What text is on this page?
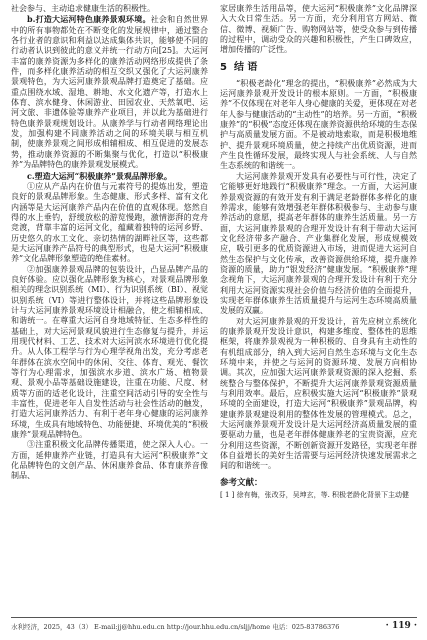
社会参与、主动追求健康生活的积极性。

b.打造大运河特色康养景观环境。社会和自然世界中的所有事物都处在不断变化的发展规律中，通过整合各行业者的意识和利益以达成集体共识，能够使不同的行动者认识到彼此的意义并统一行动方向[25]。大运河丰富的康养资源为多样化的康养活动网络形成提供了条件，而多样化康养活动的相互交织又强化了大运河康养景观特色，为大运河康养景观品牌打造奠定了基础。应重点围绕水域、湿地、耕地、水文化遗产等，打造水上体育、滨水健身、休闲游业、田园农业、天然氧吧、运河文旅、非遗体验等康养产业项目，并以此为基础进行特色康养景观规划设计。从康养学与行动者网络理论出发，加强构建不同康养活动之间的环境关联与相互机制，使康养景观之间形成相辅相成、相互促进的发展态势，推动康养资源的不断集聚与优化，打造以“积极康养”为品牌特色的康养景观发展模式。

c.塑造大运河“积极康养”景观品牌形象。

①应从产品内在价值与元素符号的提炼出发，塑造良好的景观品牌形象。生态健康、形式多样、富有文化内涵等是大运河康养产品内在价值的直观体现。悠然自得的水上垂钓，舒缓放松的游览慢跑，激情澎湃的竞舟竞渡，背靠丰富的运河文化，蕴藏着独特的运河乡野、历史悠久的水工文化、亲切热情的湖畔社区等，这些都是大运河康养产品符号的典型形式，也是大运河“积极康养”文化品牌形象塑造的绝佳素材。

②加强康养景观品牌的包装设计，凸显品牌产品的良好体验。应以强化品牌形象为核心，对景观品牌形象相关的理念识别系统（MI）、行为识别系统（BI）、视觉识别系统（VI）等进行整体设计，并将这些品牌形象设计与大运河康养景观环境设计相融合，使之相辅相成、和谐统一。在尊重大运河自身地域特征、生态多样性的基础上，对大运河景观风貌进行生态修复与提升，并运用现代材料、工艺、技术对大运河滨水环境进行优化提升。从人体工程学与行为心理学视角出发，充分考虑老年群体在滨水空间中的休闲、交往、体育、观光、餐饮等行为心理需求，加强滨水步道、滨水广场、植物景观、景观小品等基础设施建设，注重在功能、尺度、材质等方面的适老化设计，注重空间活动引导的安全性与丰富性，促进老年人自发性活动与社会性活动的触发，打造大运河康养活力、有利于老年身心健康的运河康养环境，生成具有地域特色、功能便捷、环境优美的“积极康养”景观品牌特色。

③注重积极文化品牌传播渠道，使之深入人心。一方面，延伸康养产业链，打造具有大运河“积极康养”文化品牌特色的文创产品、休闲康养食品、体育康养音像制品、

家居康养生活用品等，使大运河“积极康养”文化品牌深入大众日常生活。另一方面，充分利用官方网站、微信、微博、视频广告、购物网站等，使受众参与到传播的过程中，调动受众的兴趣和积极性，产生口碑效应，增加传播的广泛性。

5 结 语

“积极老龄化”理念的提出，“积极康养”必然成为大运河康养景观开发设计的根本原则。一方面，“积极康养”不仅体现在对老年人身心健康的关爱，更体现在对老年人参与健康活动的“主动性”的培养。另一方面，“积极康养”的“积极”态度还体现在康养资源供给环境的生态保护与高质量发展方面。不是被动地索取，而是积极地维护、提升景观环境质量，使之持续产出优质资源，进而产生良性循环发展，最终实现人与社会系统、人与自然生态系统的和谐统一。

大运河康养景观开发具有必要性与可行性，决定了它能够更好地践行“积极康养”理念。一方面，大运河康养景观资源的有效开发有利于满足老龄群体多样化的康养需求，能够有效增强老年群体积极参与、主动参与康养活动的意愿，提高老年群体的康养生活质量。另一方面，大运河康养景观的合理开发设计有利于带动大运河文化经济带多产融合、产业集群化发展，形成规模效应，吸引更多的优质资源进入市场，进而促进大运河自然生态保护与文化传承，改善资源供给环境，提升康养资源的质量，助力“银发经济”健康发展。“积极康养”理念视角下，大运河康养景观的合理开发设计有利于充分利用大运河资源实现社会价值与经济价值的全面提升，实现老年群体康养生活质量提升与运河生态环境高质量发展的双赢。

对大运河康养景观的开发设计，首先应树立系统化的康养景观开发设计意识，构建多维度、整体性的思维框架，将康养景观视为一种积极的、自身具有主动性的有机组成部分，纳入到大运河自然生态环境与文化生态环境中来，并使之与运河的资源环境、发展方向相协调。其次，应加强大运河康养景观资源的深入挖掘、系统整合与整体保护，不断提升大运河康养景观资源质量与利用效率。最后，应积极实施大运河“积极康养”景观环境的全面建设，打造大运河“积极康养”景观品牌，构建康养景观建设利用的整体性发展的管理模式。总之，大运河康养景观开发设计是大运河经济高质量发展的重要驱动力量，也是老年群体健康养老的宝贵资源，应充分利用这些资源，不断创新资源开发路径，实现老年群体自益增长的美好生活需要与运河经济快速发展需求之间的和谐统一。

参考文献：

[ 1 ] 徐有梅，张改芬，吴坤玄，等. 积极老龄化背景下主动健

水利经济，2025，43（3） E-mail:jj@hhu.edu.cn http://jour.hhu.edu.cn/sljj/home 电话：025-83786376	· 119 ·
